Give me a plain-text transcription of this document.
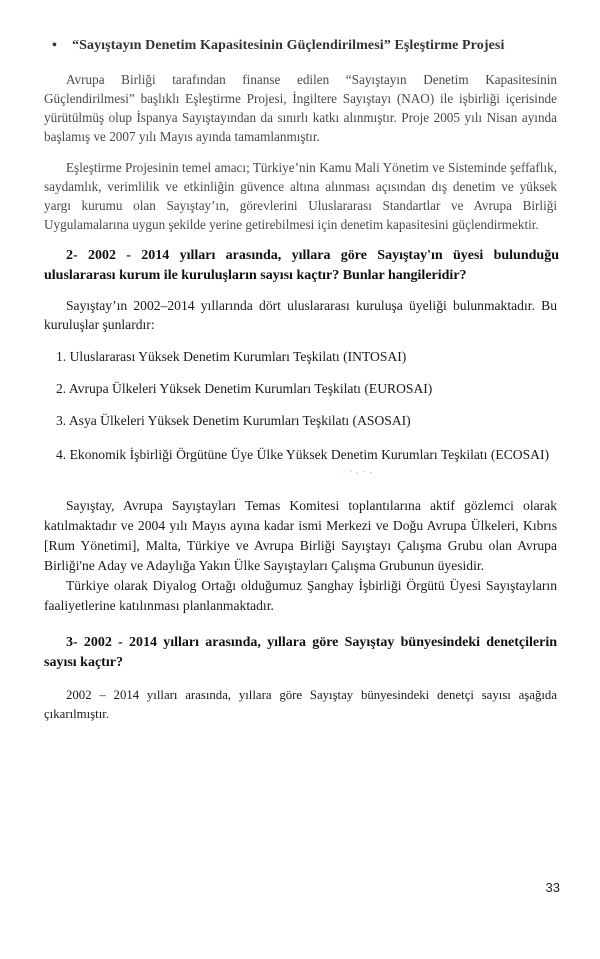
• “Sayıştayın Denetim Kapasitesinin Güçlendirilmesi” Eşleştirme Projesi
Avrupa Birliği tarafından finanse edilen “Sayıştayın Denetim Kapasitesinin Güçlendirilmesi” başlıklı Eşleştirme Projesi, İngiltere Sayıştayı (NAO) ile işbirliği içerisinde yürütülmüş olup İspanya Sayıştayından da sınırlı katkı alınmıştır. Proje 2005 yılı Nisan ayında başlamış ve 2007 yılı Mayıs ayında tamamlanmıştır.
Eşleştirme Projesinin temel amacı; Türkiye’nin Kamu Mali Yönetim ve Sisteminde şeffaflık, saydamlık, verimlilik ve etkinliğin güvence altına alınması açısından dış denetim ve yüksek yargı kurumu olan Sayıştay’ın, görevlerini Uluslararası Standartlar ve Avrupa Birliği Uygulamalarına uygun şekilde yerine getirebilmesi için denetim kapasitesini güçlendirmektir.
2- 2002 - 2014 yılları arasında, yıllara göre Sayıştay'ın üyesi bulunduğu uluslararası kurum ile kuruluşların sayısı kaçtır? Bunlar hangileridir?
Sayıştay’ın 2002–2014 yıllarında dört uluslararası kuruluşa üyeliği bulunmaktadır. Bu kuruluşlar şunlardır:
1. Uluslararası Yüksek Denetim Kurumları Teşkilatı (INTOSAI)
2. Avrupa Ülkeleri Yüksek Denetim Kurumları Teşkilatı (EUROSAI)
3. Asya Ülkeleri Yüksek Denetim Kurumları Teşkilatı (ASOSAI)
4. Ekonomik İşbirliği Örgütüne Üye Ülke Yüksek Denetim Kurumları Teşkilatı (ECOSAI)
Sayıştay, Avrupa Sayıştayları Temas Komitesi toplantılarına aktif gözlemci olarak katılmaktadır ve 2004 yılı Mayıs ayına kadar ismi Merkezi ve Doğu Avrupa Ülkeleri, Kıbrıs [Rum Yönetimi], Malta, Türkiye ve Avrupa Birliği Sayıştayı Çalışma Grubu olan Avrupa Birliği'ne Aday ve Adaylığa Yakın Ülke Sayıştayları Çalışma Grubunun üyesidir.
Türkiye olarak Diyalog Ortağı olduğumuz Şanghay İşbirliği Örgütü Üyesi Sayıştayların faaliyetlerine katılınması planlanmaktadır.
3- 2002 - 2014 yılları arasında, yıllara göre Sayıştay bünyesindeki denetçilerin sayısı kaçtır?
2002 – 2014 yılları arasında, yıllara göre Sayıştay bünyesindeki denetçi sayısı aşağıda çıkarılmıştır.
33
